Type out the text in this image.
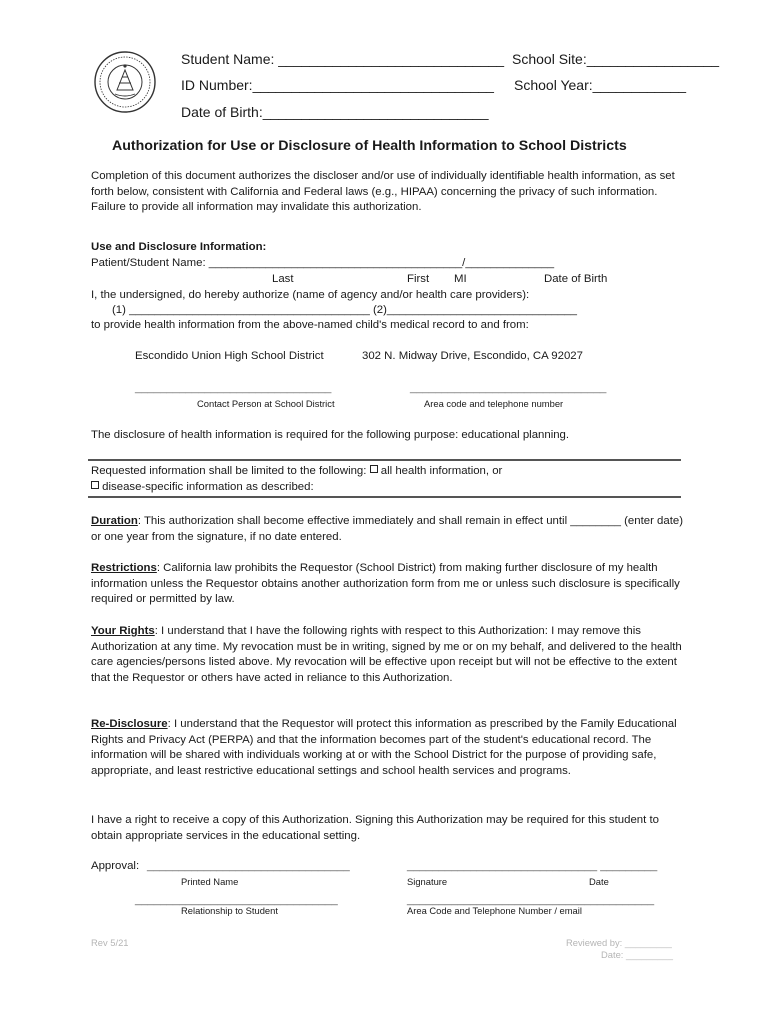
Student Name: _____________________________ School Site:_________________
ID Number:_______________________________ School Year:____________
Date of Birth:_____________________________
Authorization for Use or Disclosure of Health Information to School Districts
Completion of this document authorizes the discloser and/or use of individually identifiable health information, as set forth below, consistent with California and Federal laws (e.g., HIPAA) concerning the privacy of such information. Failure to provide all information may invalidate this authorization.
Use and Disclosure Information:
Patient/Student Name: ________________________________________/______________
Last	First MI	Date of Birth
I, the undersigned, do hereby authorize (name of agency and/or health care providers):
(1) ______________________________________ (2)______________________________
to provide health information from the above-named child's medical record to and from:
Escondido Union High School District	302 N. Midway Drive, Escondido, CA 92027
_______________________________	_______________________________
Contact Person at School District	Area code and telephone number
The disclosure of health information is required for the following purpose: educational planning.
Requested information shall be limited to the following: all health information, or
disease-specific information as described:
Duration: This authorization shall become effective immediately and shall remain in effect until ________ (enter date) or one year from the signature, if no date entered.
Restrictions: California law prohibits the Requestor (School District) from making further disclosure of my health information unless the Requestor obtains another authorization form from me or unless such disclosure is specifically required or permitted by law.
Your Rights: I understand that I have the following rights with respect to this Authorization: I may remove this Authorization at any time. My revocation must be in writing, signed by me or on my behalf, and delivered to the health care agencies/persons listed above. My revocation will be effective upon receipt but will not be effective to the extent that the Requestor or others have acted in reliance to this Authorization.
Re-Disclosure: I understand that the Requestor will protect this information as prescribed by the Family Educational Rights and Privacy Act (PERPA) and that the information becomes part of the student's educational record. The information will be shared with individuals working at or with the School District for the purpose of providing safe, appropriate, and least restrictive educational settings and school health services and programs.
I have a right to receive a copy of this Authorization. Signing this Authorization may be required for this student to obtain appropriate services in the educational setting.
Approval: ________________________________	______________________________ _________
Printed Name	Signature	Date
________________________________	_______________________________________
Relationship to Student	Area Code and Telephone Number / email
Rev 5/21	Reviewed by: _________
Date: _________
